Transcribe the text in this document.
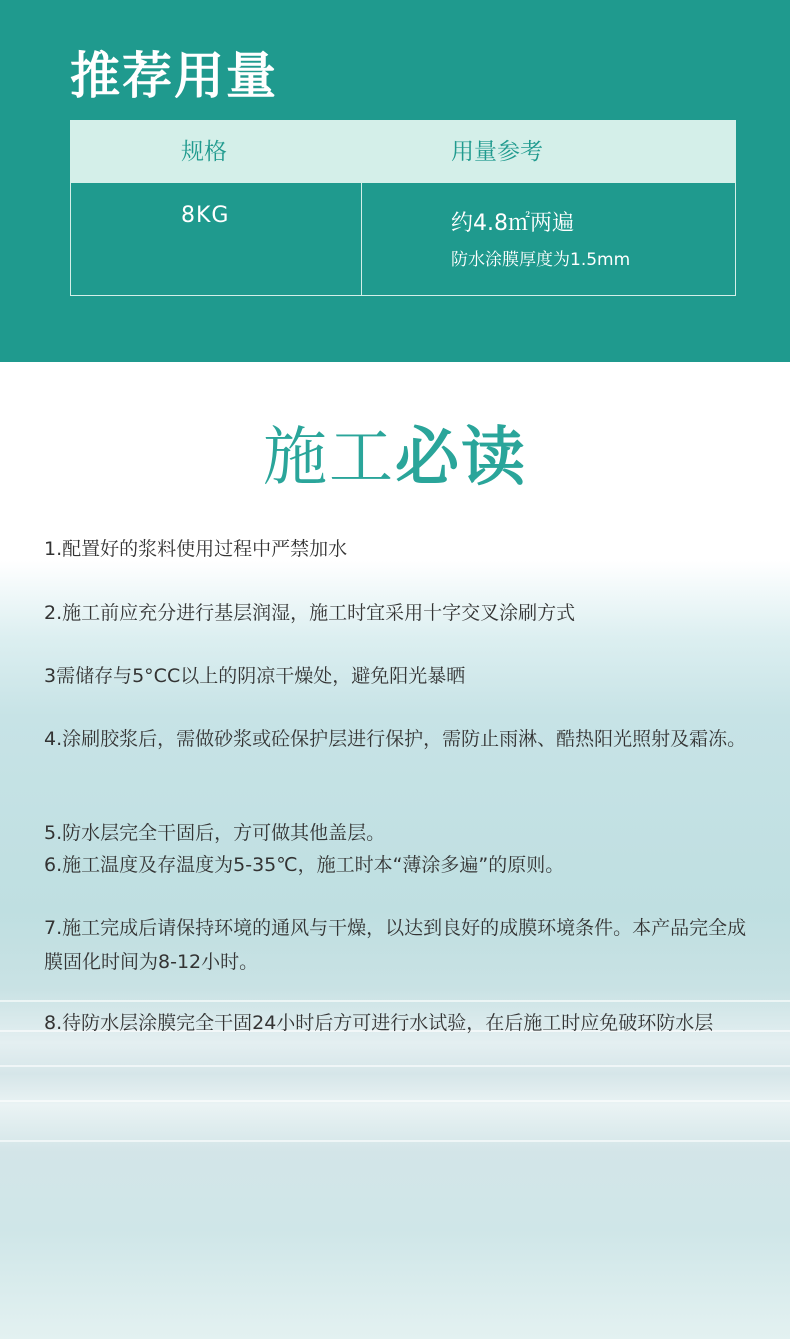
推荐用量
规格	用量参考
8KG	约4.8㎡两遍
防水涂膜厚度为1.5mm
施工必读
1.配置好的浆料使用过程中严禁加水
2.施工前应充分进行基层润湿，施工时宜采用十字交叉涂刷方式
3需储存与5°CC以上的阴凉干燥处，避免阳光暴晒
4.涂刷胶浆后，需做砂浆或砼保护层进行保护，需防止雨淋、酷热阳光照射及霜冻。
5.防水层完全干固后，方可做其他盖层。
6.施工温度及存温度为5-35℃，施工时本“薄涂多遍”的原则。
7.施工完成后请保持环境的通风与干燥，以达到良好的成膜环境条件。本产品完全成膜固化时间为8-12小时。
8.待防水层涂膜完全干固24小时后方可进行水试验，在后施工时应免破环防水层
